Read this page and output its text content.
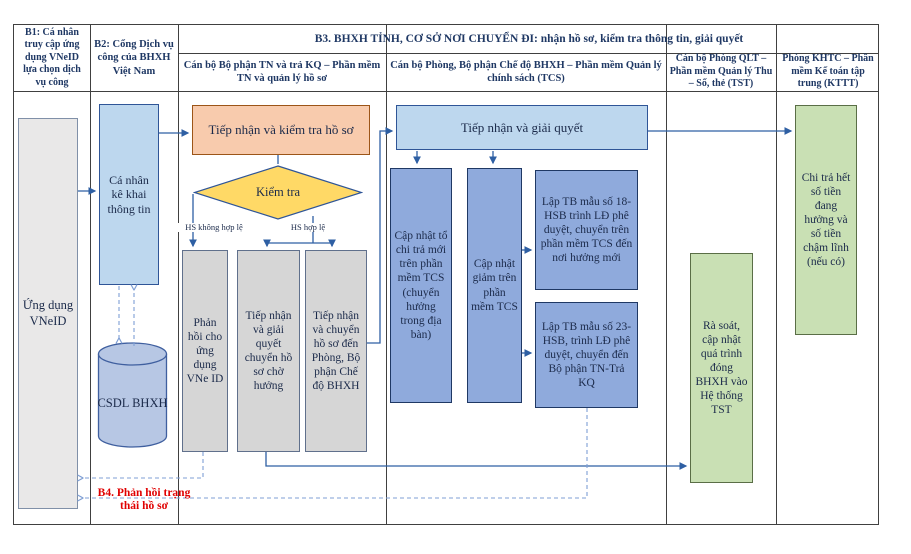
B1: Cá nhân truy cập ứng dụng VNeID lựa chọn dịch vụ công
B2: Cổng Dịch vụ công của BHXH Việt Nam
B3. BHXH TỈNH, CƠ SỞ NƠI CHUYỂN ĐI: nhận hồ sơ, kiểm tra thông tin, giải quyết
Cán bộ Bộ phận TN và trả KQ – Phần mềm TN và quản lý hồ sơ
Cán bộ Phòng, Bộ phận Chế độ BHXH – Phần mềm Quản lý chính sách (TCS)
Cán bộ Phòng QLT – Phần mềm Quản lý Thu – Sổ, thẻ (TST)
Phòng KHTC – Phần mềm Kế toán tập trung (KTTT)
Ứng dụng VNeID
Cá nhân kê khai thông tin
CSDL BHXH
Tiếp nhận và kiểm tra hồ sơ
Kiểm tra
HS không hợp lệ	HS hợp lệ
Phản hồi cho ứng dụng VNe ID
Tiếp nhận và giải quyết chuyển hồ sơ chờ hưởng
Tiếp nhận và chuyển hồ sơ đến Phòng, Bộ phận Chế độ BHXH
Tiếp nhận và giải quyết
Cập nhật tổ chi trả mới trên phần mềm TCS (chuyển hưởng trong địa bàn)
Cập nhật giảm trên phần mềm TCS
Lập TB mẫu số 18-HSB trình LĐ phê duyệt, chuyển trên phần mềm TCS đến nơi hưởng mới
Lập TB mẫu số 23-HSB, trình LĐ phê duyệt, chuyển đến Bộ phận TN-Trả KQ
Rà soát, cập nhật quá trình đóng BHXH vào Hệ thống TST
Chi trả hết số tiền đang hưởng và số tiền chậm lĩnh (nếu có)
B4. Phản hồi trạng thái hồ sơ
